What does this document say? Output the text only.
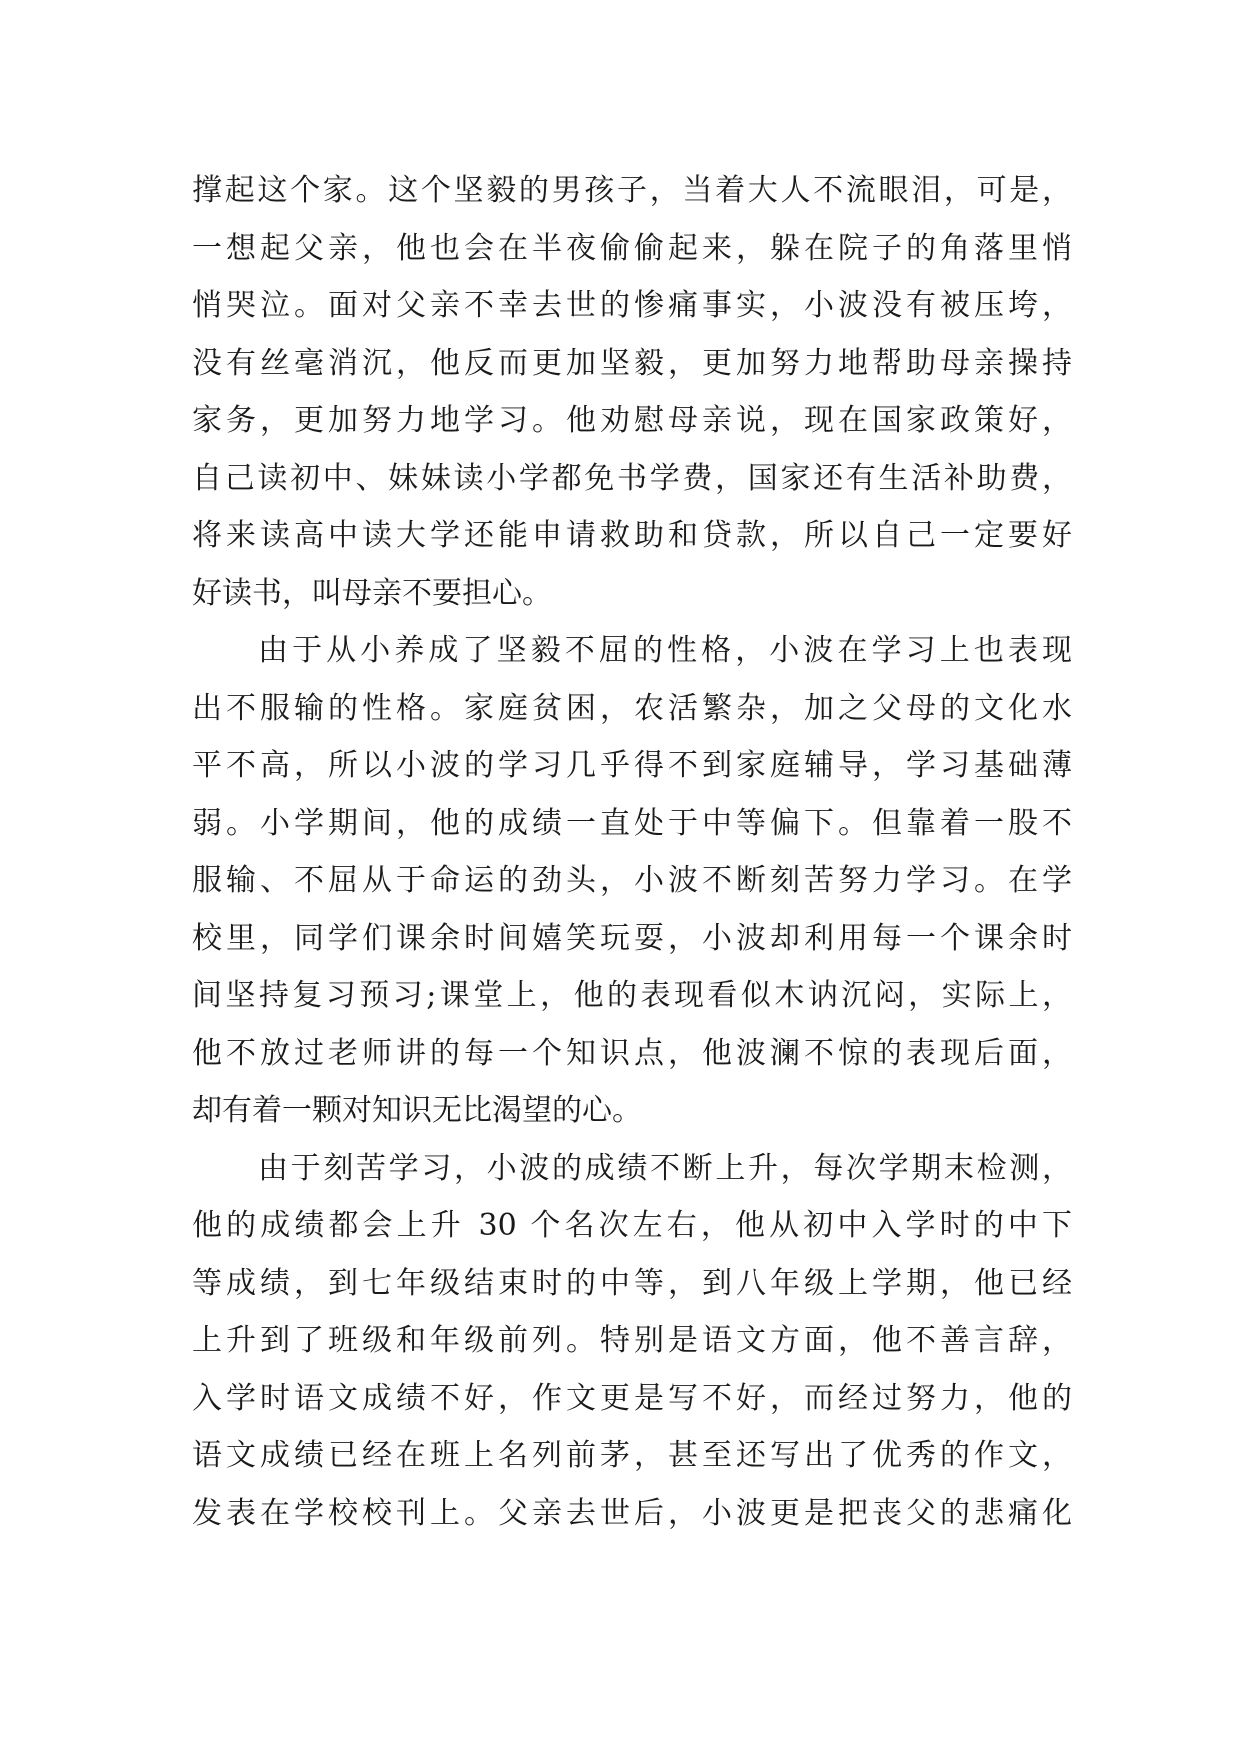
撑起这个家。这个坚毅的男孩子，当着大人不流眼泪，可是，
一想起父亲，他也会在半夜偷偷起来，躲在院子的角落里悄
悄哭泣。面对父亲不幸去世的惨痛事实，小波没有被压垮，
没有丝毫消沉，他反而更加坚毅，更加努力地帮助母亲操持
家务，更加努力地学习。他劝慰母亲说，现在国家政策好，
自己读初中、妹妹读小学都免书学费，国家还有生活补助费，
将来读高中读大学还能申请救助和贷款，所以自己一定要好
好读书，叫母亲不要担心。
由于从小养成了坚毅不屈的性格，小波在学习上也表现
出不服输的性格。家庭贫困，农活繁杂，加之父母的文化水
平不高，所以小波的学习几乎得不到家庭辅导，学习基础薄
弱。小学期间，他的成绩一直处于中等偏下。但靠着一股不
服输、不屈从于命运的劲头，小波不断刻苦努力学习。在学
校里，同学们课余时间嬉笑玩耍，小波却利用每一个课余时
间坚持复习预习;课堂上，他的表现看似木讷沉闷，实际上，
他不放过老师讲的每一个知识点，他波澜不惊的表现后面，
却有着一颗对知识无比渴望的心。
由于刻苦学习，小波的成绩不断上升，每次学期末检测，
他的成绩都会上升 30 个名次左右，他从初中入学时的中下
等成绩，到七年级结束时的中等，到八年级上学期，他已经
上升到了班级和年级前列。特别是语文方面，他不善言辞，
入学时语文成绩不好，作文更是写不好，而经过努力，他的
语文成绩已经在班上名列前茅，甚至还写出了优秀的作文，
发表在学校校刊上。父亲去世后，小波更是把丧父的悲痛化
